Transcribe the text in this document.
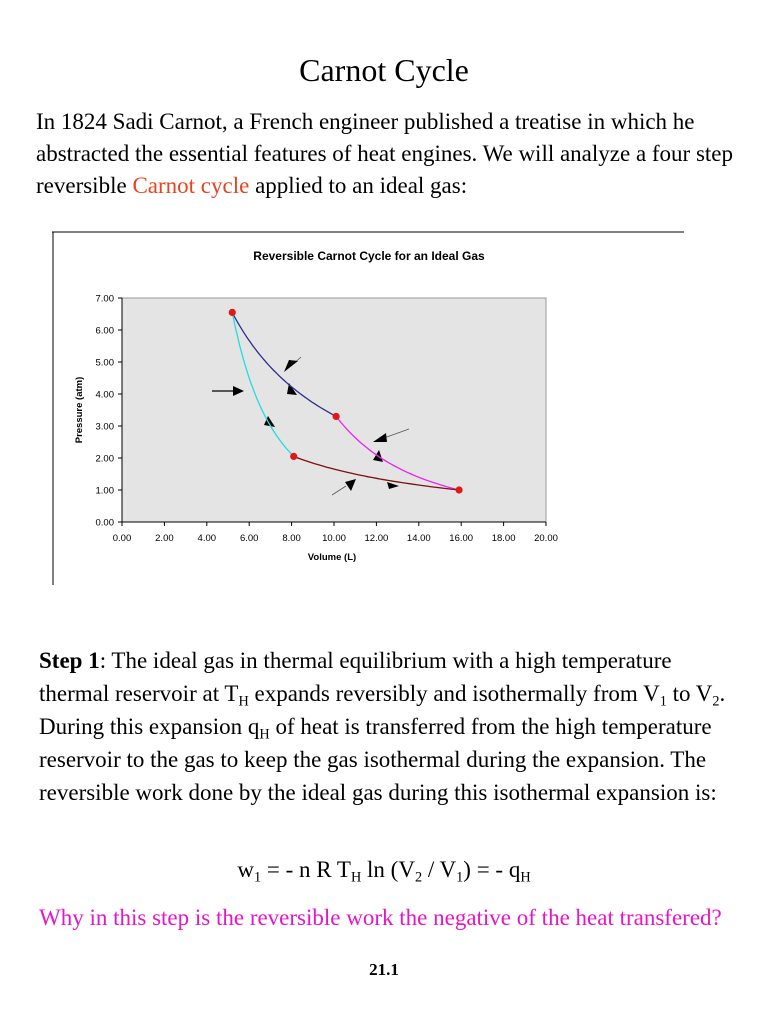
Carnot Cycle

In 1824 Sadi Carnot, a French engineer published a treatise in which he abstracted the essential features of heat engines. We will analyze a four step reversible Carnot cycle applied to an ideal gas:

Reversible Carnot Cycle for an Ideal Gas
0.00	2.00	4.00	6.00	8.00 10.00 12.00 14.00 16.00 18.00 20.00
0.00
1.00
2.00
3.00
4.00
5.00
6.00
7.00
Volume (L)
Pressure (atm)

Step 1: The ideal gas in thermal equilibrium with a high temperature thermal reservoir at $T_H$ expands reversibly and isothermally from $V_1$ to $V_2$. During this expansion $q_H$ of heat is transferred from the high temperature reservoir to the gas to keep the gas isothermal during the expansion. The reversible work done by the ideal gas during this isothermal expansion is:

$w_1$ = - n R $T_H$ $\ln (V_2 / V_1)$ = - $q_H$

Why in this step is the reversible work the negative of the heat transfered?

21.1
